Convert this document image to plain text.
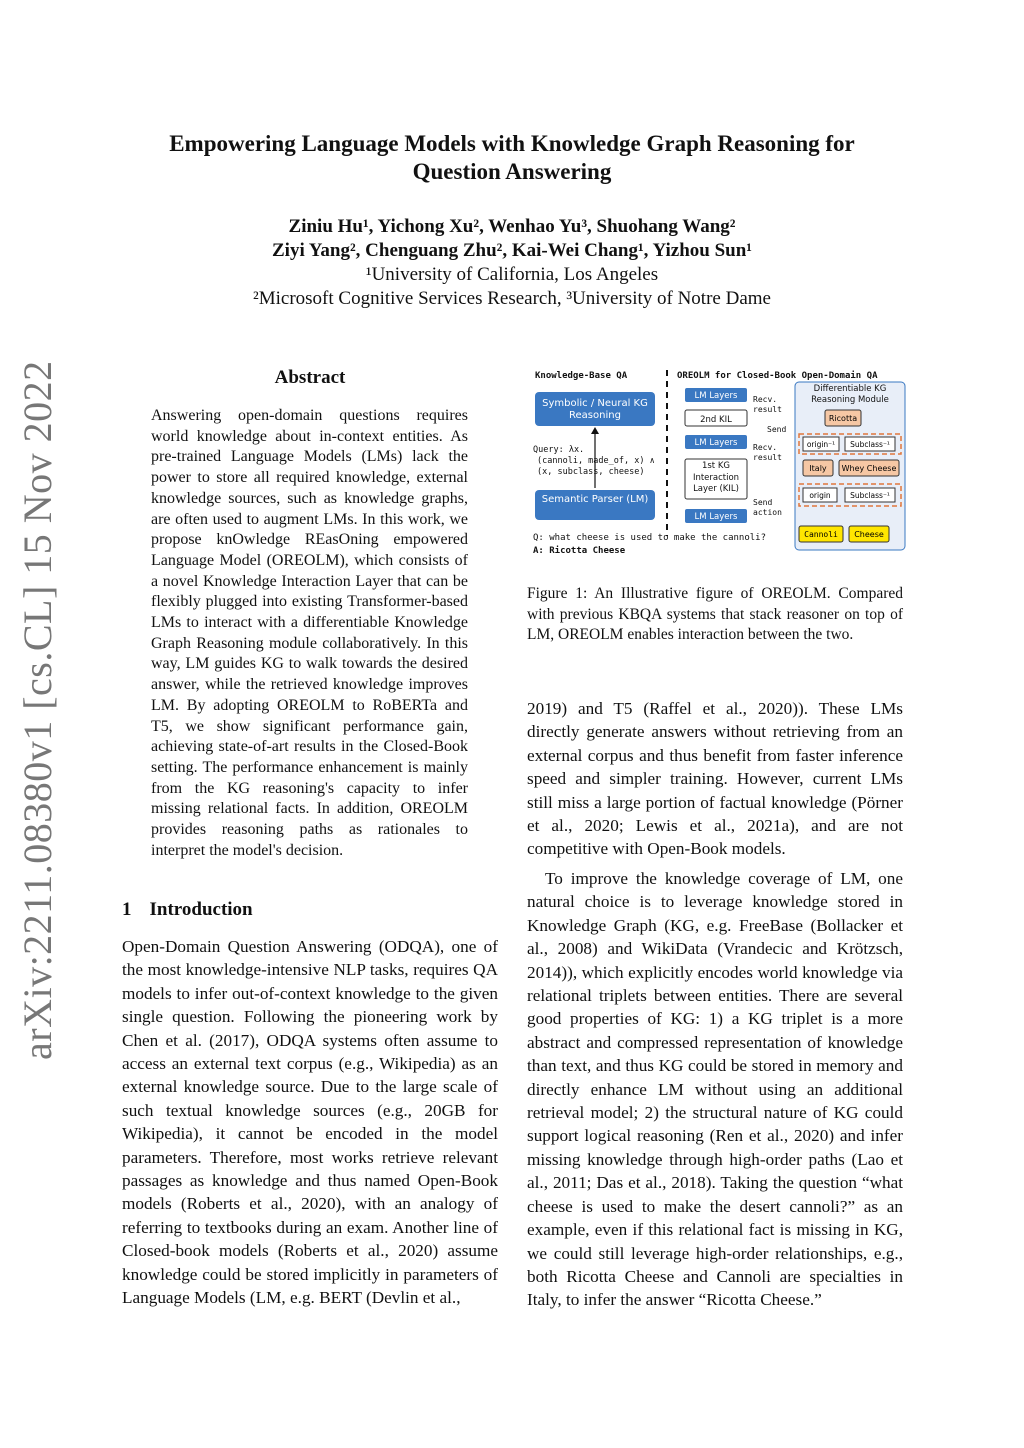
arXiv:2211.08380v1 [cs.CL] 15 Nov 2022
Empowering Language Models with Knowledge Graph Reasoning for
Question Answering
Ziniu Hu¹, Yichong Xu², Wenhao Yu³, Shuohang Wang²
Ziyi Yang², Chenguang Zhu², Kai-Wei Chang¹, Yizhou Sun¹
¹University of California, Los Angeles
²Microsoft Cognitive Services Research, ³University of Notre Dame
Abstract
Answering open-domain questions requires world knowledge about in-context entities. As pre-trained Language Models (LMs) lack the power to store all required knowledge, external knowledge sources, such as knowledge graphs, are often used to augment LMs. In this work, we propose knOwledge REasOning empowered Language Model (OREOLM), which consists of a novel Knowledge Interaction Layer that can be flexibly plugged into existing Transformer-based LMs to interact with a differentiable Knowledge Graph Reasoning module collaboratively. In this way, LM guides KG to walk towards the desired answer, while the retrieved knowledge improves LM. By adopting OREOLM to RoBERTa and T5, we show significant performance gain, achieving state-of-art results in the Closed-Book setting. The performance enhancement is mainly from the KG reasoning's capacity to infer missing relational facts. In addition, OREOLM provides reasoning paths as rationales to interpret the model's decision.
1 Introduction

Open-Domain Question Answering (ODQA), one of the most knowledge-intensive NLP tasks, requires QA models to infer out-of-context knowledge to the given single question. Following the pioneering work by Chen et al. (2017), ODQA systems often assume to access an external text corpus (e.g., Wikipedia) as an external knowledge source. Due to the large scale of such textual knowledge sources (e.g., 20GB for Wikipedia), it cannot be encoded in the model parameters. Therefore, most works retrieve relevant passages as knowledge and thus named Open-Book models (Roberts et al., 2020), with an analogy of referring to textbooks during an exam. Another line of Closed-book models (Roberts et al., 2020) assume knowledge could be stored implicitly in parameters of Language Models (LM, e.g. BERT (Devlin et al.,

Knowledge-Base QA	OREOLM for Closed-Book Open-Domain QA
Symbolic / Neural KG Reasoning
Query: λx.
(cannoli, made_of, x) ∧
(x, subclass, cheese)
Semantic Parser (LM)
LM Layers
2nd KIL
LM Layers
1st KG Interaction Layer (KIL)
LM Layers
Recv.
result
Send
Recv.
result
Send
action
Differentiable KG Reasoning Module
Ricotta
origin⁻¹ Subclass⁻¹
Italy Whey Cheese
origin	Subclass⁻¹
Cannoli Cheese
Q: what cheese is used to make the cannoli?
A: Ricotta Cheese
Figure 1: An Illustrative figure of OREOLM. Compared with previous KBQA systems that stack reasoner on top of LM, OREOLM enables interaction between the two.

2019) and T5 (Raffel et al., 2020)). These LMs directly generate answers without retrieving from an external corpus and thus benefit from faster inference speed and simpler training. However, current LMs still miss a large portion of factual knowledge (Pörner et al., 2020; Lewis et al., 2021a), and are not competitive with Open-Book models.

To improve the knowledge coverage of LM, one natural choice is to leverage knowledge stored in Knowledge Graph (KG, e.g. FreeBase (Bollacker et al., 2008) and WikiData (Vrandecic and Krötzsch, 2014)), which explicitly encodes world knowledge via relational triplets between entities. There are several good properties of KG: 1) a KG triplet is a more abstract and compressed representation of knowledge than text, and thus KG could be stored in memory and directly enhance LM without using an additional retrieval model; 2) the structural nature of KG could support logical reasoning (Ren et al., 2020) and infer missing knowledge through high-order paths (Lao et al., 2011; Das et al., 2018). Taking the question “what cheese is used to make the desert cannoli?” as an example, even if this relational fact is missing in KG, we could still leverage high-order relationships, e.g., both Ricotta Cheese and Cannoli are specialties in Italy, to infer the answer “Ricotta Cheese.”
